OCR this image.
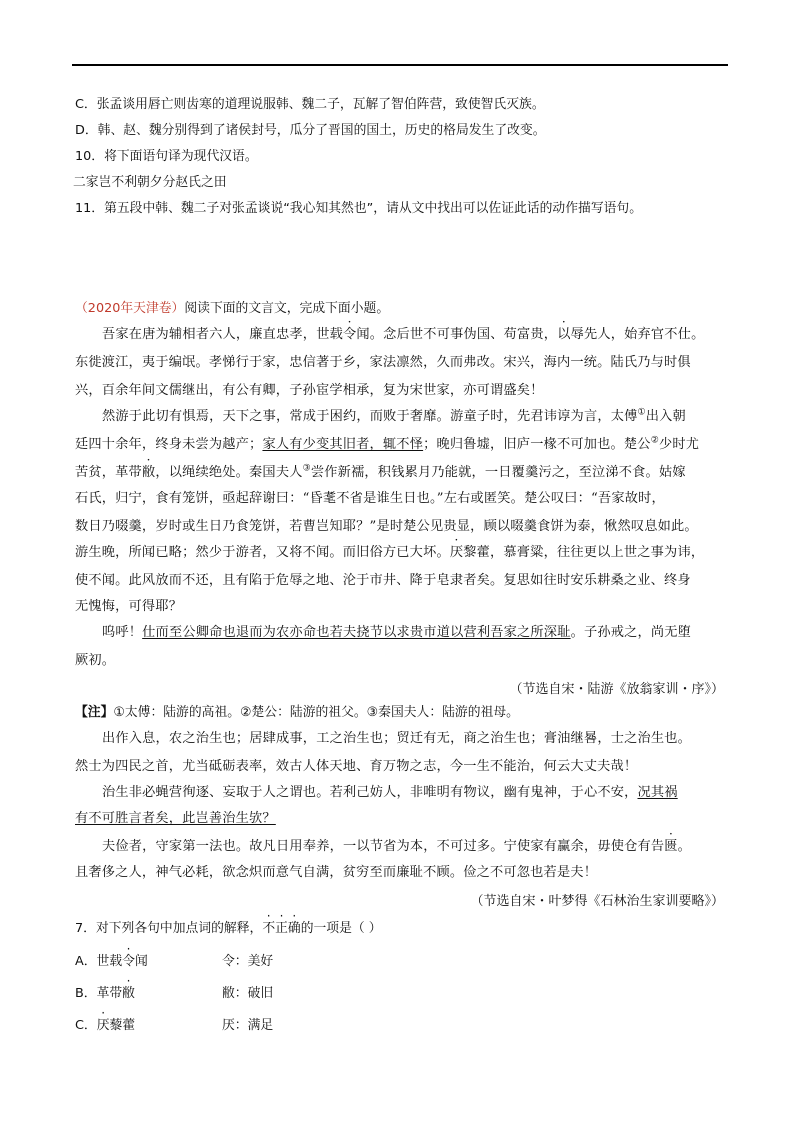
C．张孟谈用唇亡则齿寒的道理说服韩、魏二子，瓦解了智伯阵营，致使智氏灭族。
D．韩、赵、魏分别得到了诸侯封号，瓜分了晋国的国土，历史的格局发生了改变。
10．将下面语句译为现代汉语。
二家岂不利朝夕分赵氏之田
11．第五段中韩、魏二子对张孟谈说“我心知其然也”，请从文中找出可以佐证此话的动作描写语句。
（2020年天津卷）阅读下面的文言文，完成下面小题。
吾家在唐为辅相者六人，廉直忠孝，世载令闻。念后世不可事伪国、苟富贵，以辱先人，始弃官不仕。
东徙渡江，夷于编氓。孝悌行于家，忠信著于乡，家法凛然，久而弗改。宋兴，海内一统。陆氏乃与时俱
兴，百余年间文儒继出，有公有卿，子孙宦学相承，复为宋世家，亦可谓盛矣！
然游于此切有惧焉，天下之事，常成于困约，而败于奢靡。游童子时，先君讳谆为言，太傅①出入朝
廷四十余年，终身未尝为越产；家人有少变其旧者，辄不怿；晚归鲁墟，旧庐一椽不可加也。楚公②少时尤
苦贫，革带敝，以绳续绝处。秦国夫人③尝作新襦，积钱累月乃能就，一日覆羹污之，至泣涕不食。姑嫁
石氏，归宁，食有笼饼，亟起辞谢曰：“昏耄不省是谁生日也。”左右或匿笑。楚公叹曰：“吾家故时，
数日乃啜羹，岁时或生日乃食笼饼，若曹岂知耶？”是时楚公见贵显，顾以啜羹食饼为泰，愀然叹息如此。
游生晚，所闻已略；然少于游者，又将不闻。而旧俗方已大坏。厌黎藿，慕膏粱，往往更以上世之事为讳，
使不闻。此风放而不还，且有陷于危辱之地、沦于市井、降于皂隶者矣。复思如往时安乐耕桑之业、终身
无愧悔，可得耶？
呜呼！仕而至公卿命也退而为农亦命也若夫挠节以求贵市道以营利吾家之所深耻。子孙戒之，尚无堕
厥初。
（节选自宋・陆游《放翁家训・序》）
【注】①太傅：陆游的高祖。②楚公：陆游的祖父。③秦国夫人：陆游的祖母。
出作入息，农之治生也；居肆成事，工之治生也；贸迁有无，商之治生也；膏油继晷，士之治生也。
然士为四民之首，尤当砥砺表率，效古人体天地、育万物之志，今一生不能治，何云大丈夫哉！
治生非必蝇营徇逐、妄取于人之谓也。若利己妨人，非唯明有物议，幽有鬼神，于心不安，况其祸
有不可胜言者矣，此岂善治生欤？
夫俭者，守家第一法也。故凡日用奉养，一以节省为本，不可过多。宁使家有赢余，毋使仓有告匮。
且奢侈之人，神气必耗，欲念炽而意气自满，贫穷至而廉耻不顾。俭之不可忽也若是夫！
（节选自宋・叶梦得《石林治生家训要略》）
7．对下列各句中加点词的解释，不正确的一项是（ ）
A．世载令闻	令：美好
B．革带敝	敝：破旧
C．厌藜藿	厌：满足
